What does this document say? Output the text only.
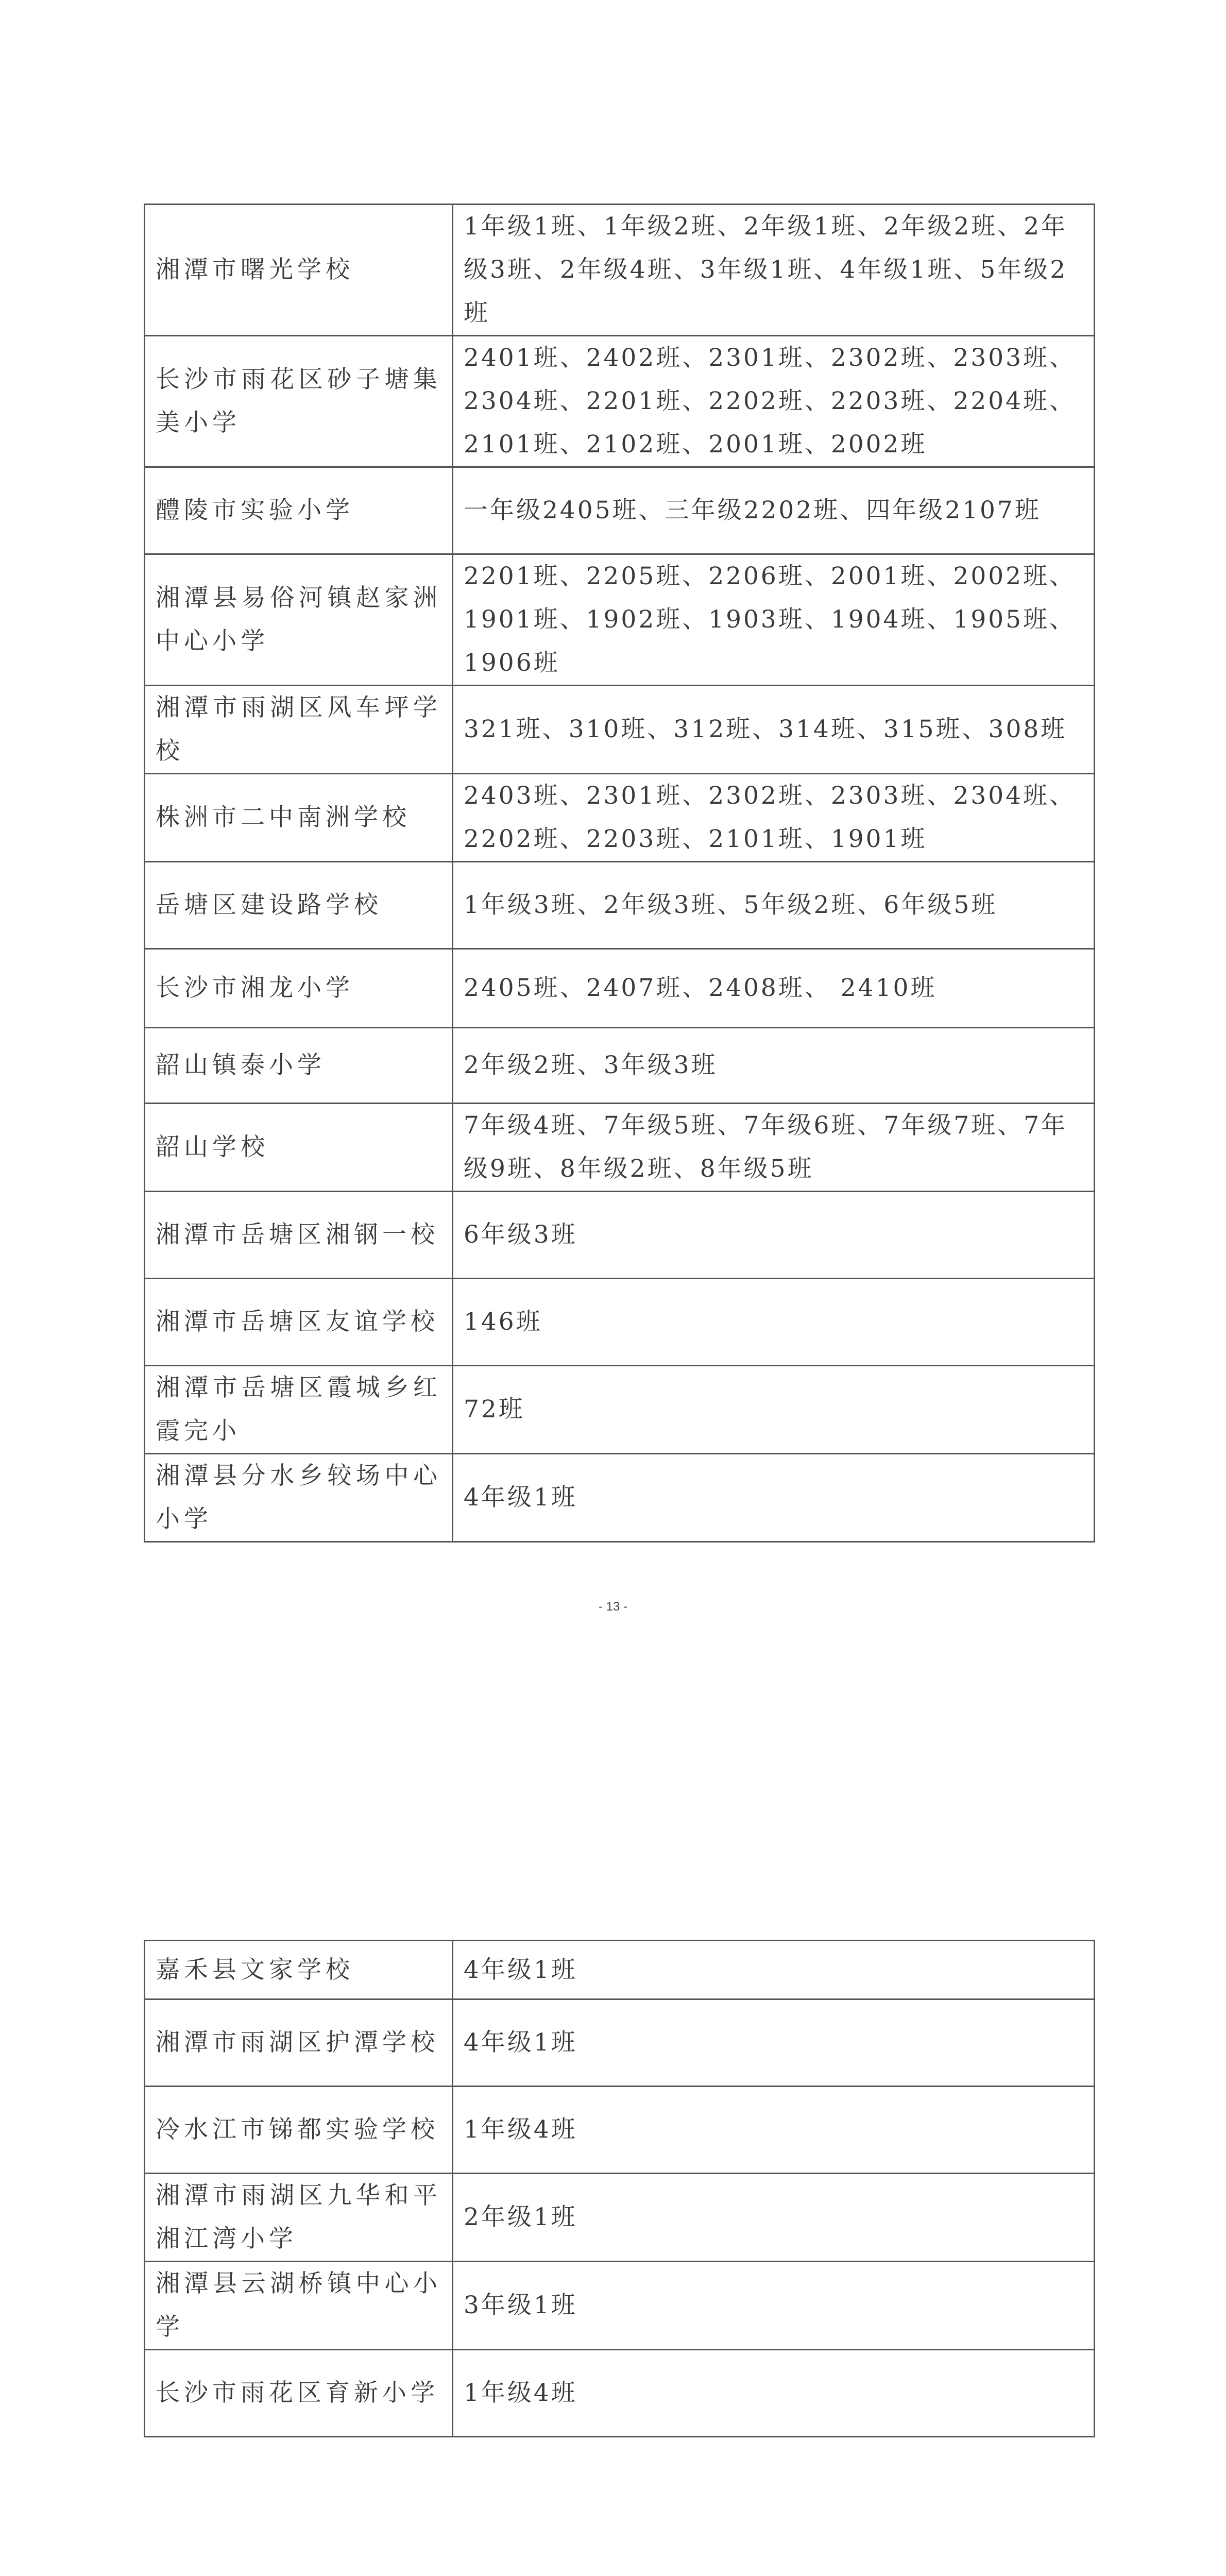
湘潭市曙光学校	1年级1班、1年级2班、2年级1班、2年级2班、2年级3班、2年级4班、3年级1班、4年级1班、5年级2班
长沙市雨花区砂子塘集美小学	2401班、2402班、2301班、2302班、2303班、2304班、2201班、2202班、2203班、2204班、2101班、2102班、2001班、2002班
醴陵市实验小学	一年级2405班、三年级2202班、四年级2107班
湘潭县易俗河镇赵家洲中心小学	2201班、2205班、2206班、2001班、2002班、1901班、1902班、1903班、1904班、1905班、1906班
湘潭市雨湖区风车坪学校	321班、310班、312班、314班、315班、308班
株洲市二中南洲学校	2403班、2301班、2302班、2303班、2304班、2202班、2203班、2101班、1901班
岳塘区建设路学校	1年级3班、2年级3班、5年级2班、6年级5班
长沙市湘龙小学	2405班、2407班、2408班、 2410班
韶山镇泰小学	2年级2班、3年级3班
韶山学校	7年级4班、7年级5班、7年级6班、7年级7班、7年级9班、8年级2班、8年级5班
湘潭市岳塘区湘钢一校	6年级3班
湘潭市岳塘区友谊学校	146班
湘潭市岳塘区霞城乡红霞完小	72班
湘潭县分水乡较场中心小学	4年级1班
- 13 -
嘉禾县文家学校	4年级1班
湘潭市雨湖区护潭学校	4年级1班
冷水江市锑都实验学校	1年级4班
湘潭市雨湖区九华和平湘江湾小学	2年级1班
湘潭县云湖桥镇中心小学	3年级1班
长沙市雨花区育新小学	1年级4班
